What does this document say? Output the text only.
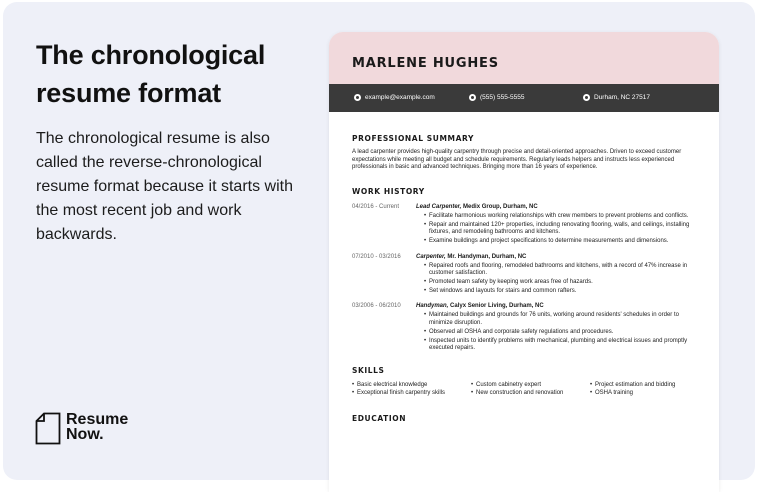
The chronological resume format
The chronological resume is also called the reverse-chronological resume format because it starts with the most recent job and work backwards.
Resume
Now.
MARLENE HUGHES
example@example.com	(555) 555-5555	Durham, NC 27517
PROFESSIONAL SUMMARY
A lead carpenter provides high-quality carpentry through precise and detail-oriented approaches. Driven to exceed customer expectations while meeting all budget and schedule requirements. Regularly leads helpers and instructs less experienced professionals in basic and advanced techniques. Bringing more than 16 years of experience.
WORK HISTORY
04/2016 - Current	Lead Carpenter, Medix Group, Durham, NC
• Facilitate harmonious working relationships with crew members to prevent problems and conflicts.
• Repair and maintained 120+ properties, including renovating flooring, walls, and ceilings, installing fixtures, and remodeling bathrooms and kitchens.
• Examine buildings and project specifications to determine measurements and dimensions.
07/2010 - 03/2016	Carpenter, Mr. Handyman, Durham, NC
• Repaired roofs and flooring, remodeled bathrooms and kitchens, with a record of 47% increase in customer satisfaction.
• Promoted team safety by keeping work areas free of hazards.
• Set windows and layouts for stairs and common rafters.
03/2006 - 06/2010	Handyman, Calyx Senior Living, Durham, NC
• Maintained buildings and grounds for 76 units, working around residents' schedules in order to minimize disruption.
• Observed all OSHA and corporate safety regulations and procedures.
• Inspected units to identify problems with mechanical, plumbing and electrical issues and promptly executed repairs.
SKILLS
• Basic electrical knowledge	• Custom cabinetry expert	• Project estimation and bidding
• Exceptional finish carpentry skills	• New construction and renovation	• OSHA training
EDUCATION
